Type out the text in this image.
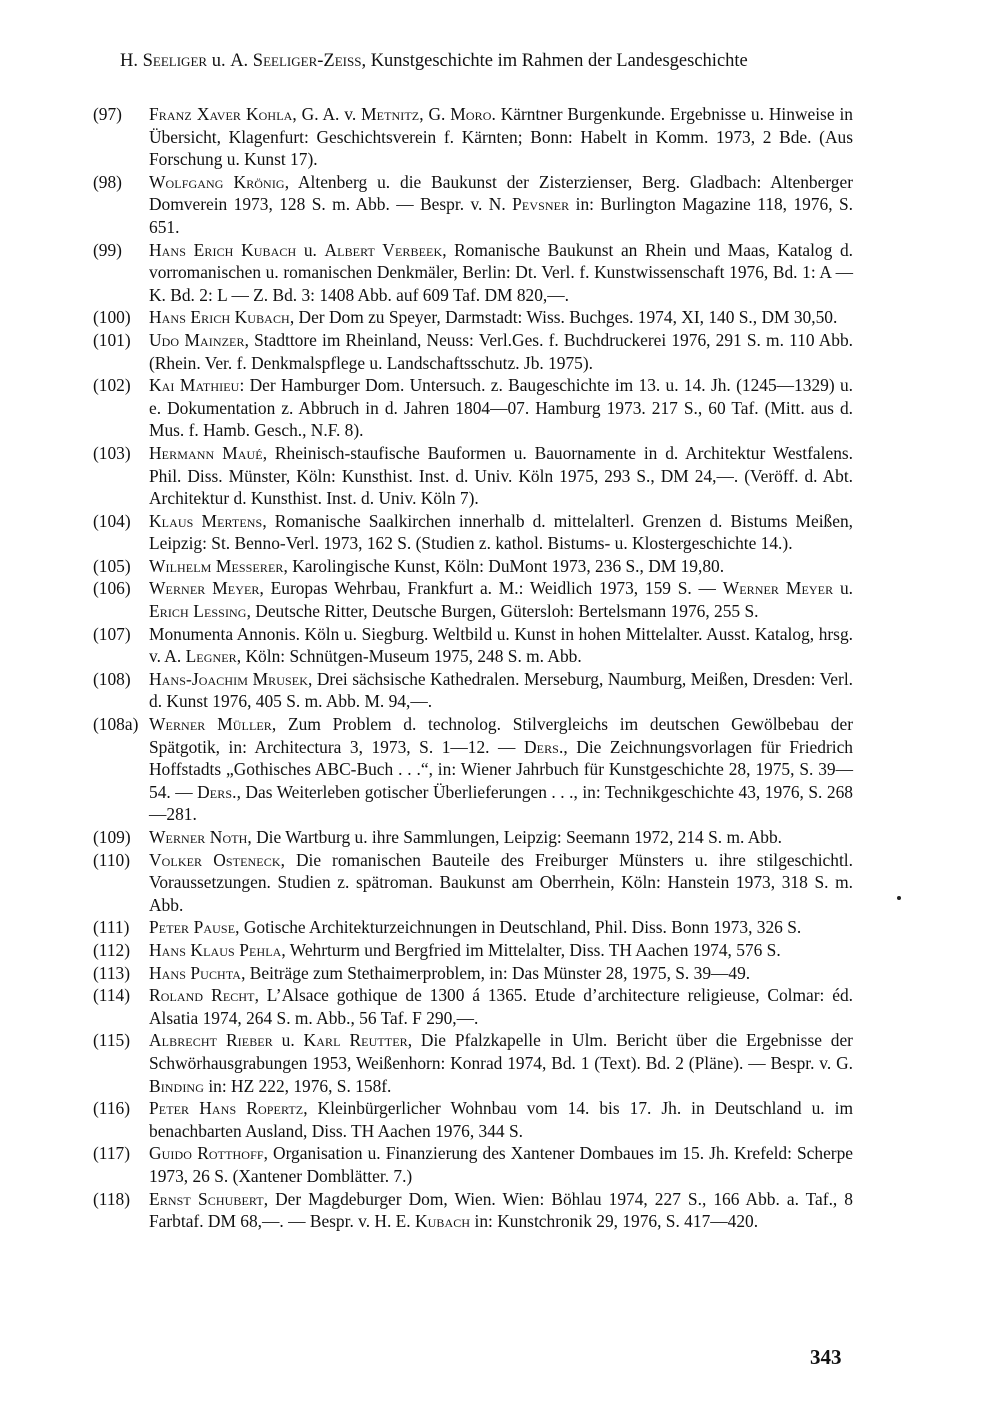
H. Seeliger u. A. Seeliger-Zeiss, Kunstgeschichte im Rahmen der Landesgeschichte
(97)	Franz Xaver Kohla, G. A. v. Metnitz, G. Moro. Kärntner Burgenkunde. Ergebnisse u. Hinweise in Übersicht, Klagenfurt: Geschichtsverein f. Kärnten; Bonn: Habelt in Komm. 1973, 2 Bde. (Aus Forschung u. Kunst 17).
(98)	Wolfgang Krönig, Altenberg u. die Baukunst der Zisterzienser, Berg. Gladbach: Altenberger Domverein 1973, 128 S. m. Abb. — Bespr. v. N. Pevsner in: Burlington Magazine 118, 1976, S. 651.
(99)	Hans Erich Kubach u. Albert Verbeek, Romanische Baukunst an Rhein und Maas, Katalog d. vorromanischen u. romanischen Denkmäler, Berlin: Dt. Verl. f. Kunstwissenschaft 1976, Bd. 1: A — K. Bd. 2: L — Z. Bd. 3: 1408 Abb. auf 609 Taf. DM 820,—.
(100)	Hans Erich Kubach, Der Dom zu Speyer, Darmstadt: Wiss. Buchges. 1974, XI, 140 S., DM 30,50.
(101)	Udo Mainzer, Stadttore im Rheinland, Neuss: Verl.Ges. f. Buchdruckerei 1976, 291 S. m. 110 Abb. (Rhein. Ver. f. Denkmalspflege u. Landschaftsschutz. Jb. 1975).
(102)	Kai Mathieu: Der Hamburger Dom. Untersuch. z. Baugeschichte im 13. u. 14. Jh. (1245—1329) u. e. Dokumentation z. Abbruch in d. Jahren 1804—07. Hamburg 1973. 217 S., 60 Taf. (Mitt. aus d. Mus. f. Hamb. Gesch., N.F. 8).
(103)	Hermann Maué, Rheinisch-staufische Bauformen u. Bauornamente in d. Architektur Westfalens. Phil. Diss. Münster, Köln: Kunsthist. Inst. d. Univ. Köln 1975, 293 S., DM 24,—. (Veröff. d. Abt. Architektur d. Kunsthist. Inst. d. Univ. Köln 7).
(104)	Klaus Mertens, Romanische Saalkirchen innerhalb d. mittelalterl. Grenzen d. Bistums Meißen, Leipzig: St. Benno-Verl. 1973, 162 S. (Studien z. kathol. Bistums- u. Klostergeschichte 14.).
(105)	Wilhelm Messerer, Karolingische Kunst, Köln: DuMont 1973, 236 S., DM 19,80.
(106)	Werner Meyer, Europas Wehrbau, Frankfurt a. M.: Weidlich 1973, 159 S. — Werner Meyer u. Erich Lessing, Deutsche Ritter, Deutsche Burgen, Gütersloh: Bertelsmann 1976, 255 S.
(107)	Monumenta Annonis. Köln u. Siegburg. Weltbild u. Kunst in hohen Mittelalter. Ausst. Katalog, hrsg. v. A. Legner, Köln: Schnütgen-Museum 1975, 248 S. m. Abb.
(108)	Hans-Joachim Mrusek, Drei sächsische Kathedralen. Merseburg, Naumburg, Meißen, Dresden: Verl. d. Kunst 1976, 405 S. m. Abb. M. 94,—.
(108a) Werner Müller, Zum Problem d. technolog. Stilvergleichs im deutschen Gewölbebau der Spätgotik, in: Architectura 3, 1973, S. 1—12. — Ders., Die Zeichnungsvorlagen für Friedrich Hoffstadts „Gothisches ABC-Buch . . .“, in: Wiener Jahrbuch für Kunstgeschichte 28, 1975, S. 39—54. — Ders., Das Weiterleben gotischer Überlieferungen . . ., in: Technikgeschichte 43, 1976, S. 268—281.
(109)	Werner Noth, Die Wartburg u. ihre Sammlungen, Leipzig: Seemann 1972, 214 S. m. Abb.
(110)	Volker Osteneck, Die romanischen Bauteile des Freiburger Münsters u. ihre stilgeschichtl. Voraussetzungen. Studien z. spätroman. Baukunst am Oberrhein, Köln: Hanstein 1973, 318 S. m. Abb.
(111)	Peter Pause, Gotische Architekturzeichnungen in Deutschland, Phil. Diss. Bonn 1973, 326 S.
(112)	Hans Klaus Pehla, Wehrturm und Bergfried im Mittelalter, Diss. TH Aachen 1974, 576 S.
(113)	Hans Puchta, Beiträge zum Stethaimerproblem, in: Das Münster 28, 1975, S. 39—49.
(114)	Roland Recht, L’Alsace gothique de 1300 á 1365. Etude d’architecture religieuse, Colmar: éd. Alsatia 1974, 264 S. m. Abb., 56 Taf. F 290,—.
(115)	Albrecht Rieber u. Karl Reutter, Die Pfalzkapelle in Ulm. Bericht über die Ergebnisse der Schwörhausgrabungen 1953, Weißenhorn: Konrad 1974, Bd. 1 (Text). Bd. 2 (Pläne). — Bespr. v. G. Binding in: HZ 222, 1976, S. 158f.
(116)	Peter Hans Ropertz, Kleinbürgerlicher Wohnbau vom 14. bis 17. Jh. in Deutschland u. im benachbarten Ausland, Diss. TH Aachen 1976, 344 S.
(117)	Guido Rotthoff, Organisation u. Finanzierung des Xantener Dombaues im 15. Jh. Krefeld: Scherpe 1973, 26 S. (Xantener Domblätter. 7.)
(118)	Ernst Schubert, Der Magdeburger Dom, Wien. Wien: Böhlau 1974, 227 S., 166 Abb. a. Taf., 8 Farbtaf. DM 68,—. — Bespr. v. H. E. Kubach in: Kunstchronik 29, 1976, S. 417—420.
343
